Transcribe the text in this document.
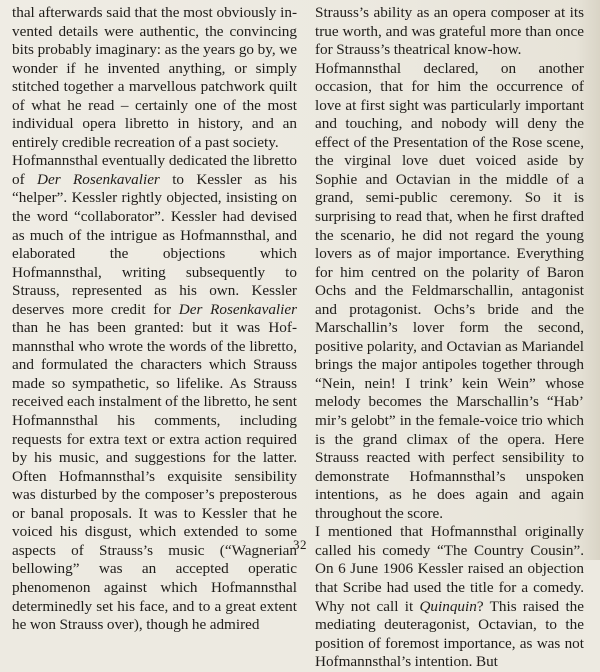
thal afterwards said that the most obviously invented details were authentic, the convincing bits probably imaginary: as the years go by, we wonder if he invented anything, or simply stitched together a marvellous patchwork quilt of what he read – certainly one of the most individual opera libretto in history, and an entirely credible recreation of a past society.

Hofmannsthal eventually dedicated the libretto of Der Rosenkavalier to Kessler as his “helper”. Kessler rightly objected, insisting on the word “collaborator”. Kessler had devised as much of the intrigue as Hofmannsthal, and elaborated the objections which Hofmannsthal, writing subsequently to Strauss, represented as his own. Kessler deserves more credit for Der Rosenkavalier than he has been granted: but it was Hofmannsthal who wrote the words of the libretto, and formulated the characters which Strauss made so sympathetic, so lifelike. As Strauss received each instalment of the libretto, he sent Hofmannsthal his comments, including requests for extra text or extra action required by his music, and suggestions for the latter. Often Hofmannsthal’s exquisite sensibility was disturbed by the composer’s preposterous or banal proposals. It was to Kessler that he voiced his disgust, which extended to some aspects of Strauss’s music (“Wagnerian bellowing” was an accepted operatic phenomenon against which Hofmannsthal determinedly set his face, and to a great extent he won Strauss over), though he admired

Strauss’s ability as an opera composer at its true worth, and was grateful more than once for Strauss’s theatrical know-how.

Hofmannsthal declared, on another occasion, that for him the occurrence of love at first sight was particularly important and touching, and nobody will deny the effect of the Presentation of the Rose scene, the virginal love duet voiced aside by Sophie and Octavian in the middle of a grand, semi-public ceremony. So it is surprising to read that, when he first drafted the scenario, he did not regard the young lovers as of major importance. Everything for him centred on the polarity of Baron Ochs and the Feldmarschallin, antagonist and protagonist. Ochs’s bride and the Marschallin’s lover form the second, positive polarity, and Octavian as Mariandel brings the major antipoles together through “Nein, nein! I trink’ kein Wein” whose melody becomes the Marschallin’s “Hab’ mir’s gelobt” in the female-voice trio which is the grand climax of the opera. Here Strauss reacted with perfect sensibility to demonstrate Hofmannsthal’s unspoken intentions, as he does again and again throughout the score.

I mentioned that Hofmannsthal originally called his comedy “The Country Cousin”. On 6 June 1906 Kessler raised an objection that Scribe had used the title for a comedy. Why not call it Quinquin? This raised the mediating deuteragonist, Octavian, to the position of foremost importance, as was not Hofmannsthal’s intention. But

32
